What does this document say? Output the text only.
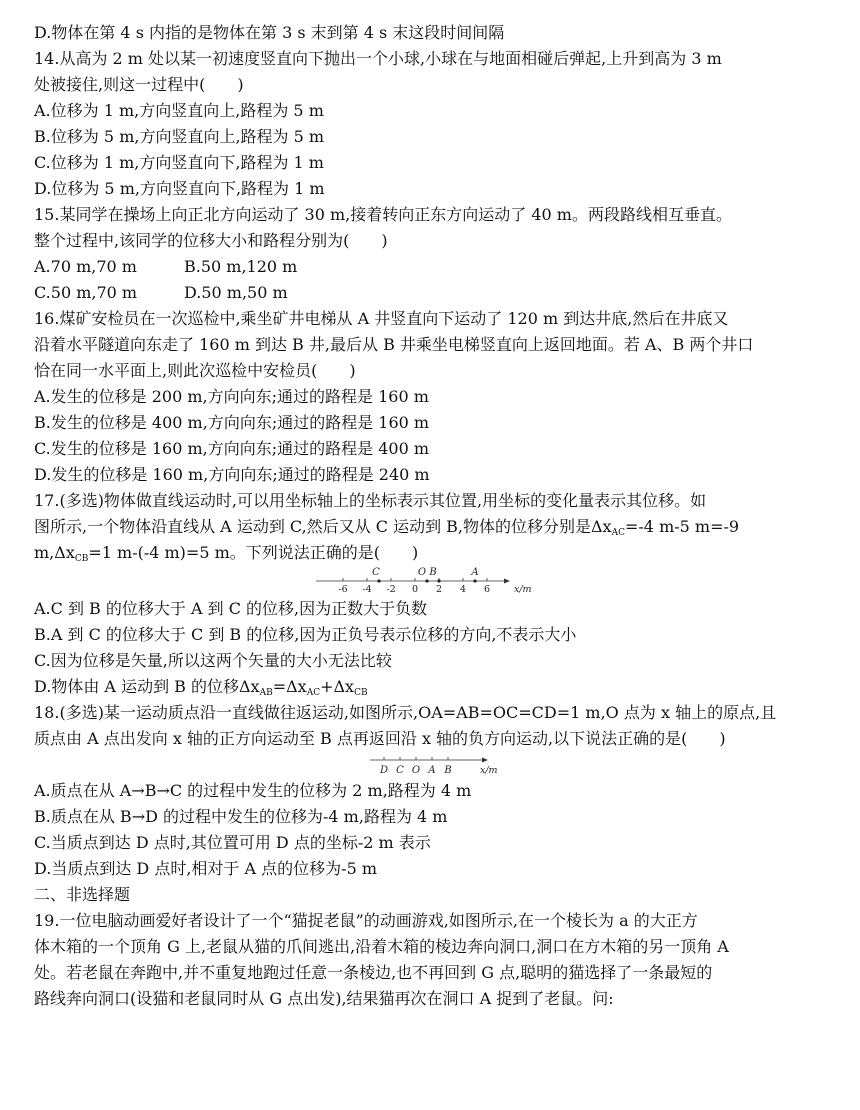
D.物体在第 4 s 内指的是物体在第 3 s 末到第 4 s 末这段时间间隔
14.从高为 2 m 处以某一初速度竖直向下抛出一个小球,小球在与地面相碰后弹起,上升到高为 3 m
处被接住,则这一过程中(　　)
A.位移为 1 m,方向竖直向上,路程为 5 m
B.位移为 5 m,方向竖直向上,路程为 5 m
C.位移为 1 m,方向竖直向下,路程为 1 m
D.位移为 5 m,方向竖直向下,路程为 1 m
15.某同学在操场上向正北方向运动了 30 m,接着转向正东方向运动了 40 m。两段路线相互垂直。
整个过程中,该同学的位移大小和路程分别为(　　)
A.70 m,70 m	B.50 m,120 m
C.50 m,70 m	D.50 m,50 m
16.煤矿安检员在一次巡检中,乘坐矿井电梯从 A 井竖直向下运动了 120 m 到达井底,然后在井底又
沿着水平隧道向东走了 160 m 到达 B 井,最后从 B 井乘坐电梯竖直向上返回地面。若 A、B 两个井口
恰在同一水平面上,则此次巡检中安检员(　　)
A.发生的位移是 200 m,方向向东;通过的路程是 160 m
B.发生的位移是 400 m,方向向东;通过的路程是 160 m
C.发生的位移是 160 m,方向向东;通过的路程是 400 m
D.发生的位移是 160 m,方向向东;通过的路程是 240 m
17.(多选)物体做直线运动时,可以用坐标轴上的坐标表示其位置,用坐标的变化量表示其位移。如
图所示,一个物体沿直线从 A 运动到 C,然后又从 C 运动到 B,物体的位移分别是$\Delta x_{AC}=-4$ m-5 m=-9
$m,\Delta x_{CB}=1$ m-(-4 m)=5 m。下列说法正确的是(　　)
C	O B	A
-6 -4 -2 0 2 4 6	x/m
A.C 到 B 的位移大于 A 到 C 的位移,因为正数大于负数
B.A 到 C 的位移大于 C 到 B 的位移,因为正负号表示位移的方向,不表示大小
C.因为位移是矢量,所以这两个矢量的大小无法比较
D.物体由 A 运动到 B 的位移$\Delta x_{AB}=\Delta x_{AC}+\Delta x_{CB}$
18.(多选)某一运动质点沿一直线做往返运动,如图所示,OA=AB=OC=CD=1 m,O 点为 x 轴上的原点,且
质点由 A 点出发向 x 轴的正方向运动至 B 点再返回沿 x 轴的负方向运动,以下说法正确的是(　　)
D C O A B	x/m
A.质点在从 A→B→C 的过程中发生的位移为 2 m,路程为 4 m
B.质点在从 B→D 的过程中发生的位移为-4 m,路程为 4 m
C.当质点到达 D 点时,其位置可用 D 点的坐标-2 m 表示
D.当质点到达 D 点时,相对于 A 点的位移为-5 m
二、非选择题
19.一位电脑动画爱好者设计了一个“猫捉老鼠”的动画游戏,如图所示,在一个棱长为 a 的大正方
体木箱的一个顶角 G 上,老鼠从猫的爪间逃出,沿着木箱的棱边奔向洞口,洞口在方木箱的另一顶角 A
处。若老鼠在奔跑中,并不重复地跑过任意一条棱边,也不再回到 G 点,聪明的猫选择了一条最短的
路线奔向洞口(设猫和老鼠同时从 G 点出发),结果猫再次在洞口 A 捉到了老鼠。问:
